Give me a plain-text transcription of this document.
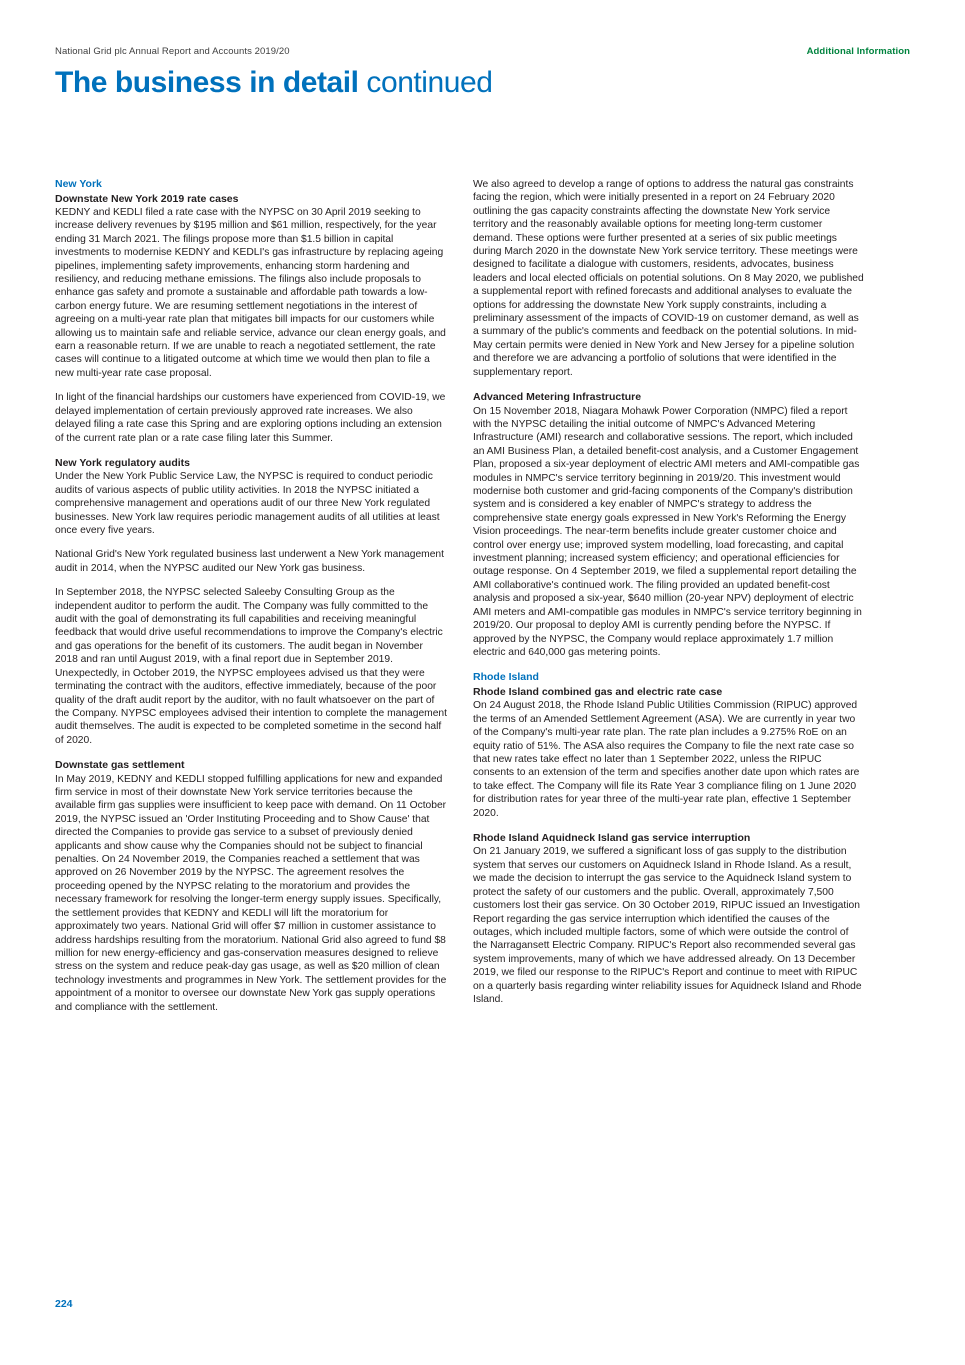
National Grid plc Annual Report and Accounts 2019/20	Additional Information
The business in detail continued
New York
Downstate New York 2019 rate cases

KEDNY and KEDLI filed a rate case with the NYPSC on 30 April 2019 seeking to increase delivery revenues by $195 million and $61 million, respectively, for the year ending 31 March 2021. The filings propose more than $1.5 billion in capital investments to modernise KEDNY and KEDLI's gas infrastructure by replacing ageing pipelines, implementing safety improvements, enhancing storm hardening and resiliency, and reducing methane emissions. The filings also include proposals to enhance gas safety and promote a sustainable and affordable path towards a low-carbon energy future. We are resuming settlement negotiations in the interest of agreeing on a multi-year rate plan that mitigates bill impacts for our customers while allowing us to maintain safe and reliable service, advance our clean energy goals, and earn a reasonable return. If we are unable to reach a negotiated settlement, the rate cases will continue to a litigated outcome at which time we would then plan to file a new multi-year rate case proposal.

In light of the financial hardships our customers have experienced from COVID-19, we delayed implementation of certain previously approved rate increases. We also delayed filing a rate case this Spring and are exploring options including an extension of the current rate plan or a rate case filing later this Summer.

New York regulatory audits

Under the New York Public Service Law, the NYPSC is required to conduct periodic audits of various aspects of public utility activities. In 2018 the NYPSC initiated a comprehensive management and operations audit of our three New York regulated businesses. New York law requires periodic management audits of all utilities at least once every five years.

National Grid's New York regulated business last underwent a New York management audit in 2014, when the NYPSC audited our New York gas business.

In September 2018, the NYPSC selected Saleeby Consulting Group as the independent auditor to perform the audit. The Company was fully committed to the audit with the goal of demonstrating its full capabilities and receiving meaningful feedback that would drive useful recommendations to improve the Company's electric and gas operations for the benefit of its customers. The audit began in November 2018 and ran until August 2019, with a final report due in September 2019. Unexpectedly, in October 2019, the NYPSC employees advised us that they were terminating the contract with the auditors, effective immediately, because of the poor quality of the draft audit report by the auditor, with no fault whatsoever on the part of the Company. NYPSC employees advised their intention to complete the management audit themselves. The audit is expected to be completed sometime in the second half of 2020.

Downstate gas settlement

In May 2019, KEDNY and KEDLI stopped fulfilling applications for new and expanded firm service in most of their downstate New York service territories because the available firm gas supplies were insufficient to keep pace with demand. On 11 October 2019, the NYPSC issued an 'Order Instituting Proceeding and to Show Cause' that directed the Companies to provide gas service to a subset of previously denied applicants and show cause why the Companies should not be subject to financial penalties. On 24 November 2019, the Companies reached a settlement that was approved on 26 November 2019 by the NYPSC. The agreement resolves the proceeding opened by the NYPSC relating to the moratorium and provides the necessary framework for resolving the longer-term energy supply issues. Specifically, the settlement provides that KEDNY and KEDLI will lift the moratorium for approximately two years. National Grid will offer $7 million in customer assistance to address hardships resulting from the moratorium. National Grid also agreed to fund $8 million for new energy-efficiency and gas-conservation measures designed to relieve stress on the system and reduce peak-day gas usage, as well as $20 million of clean technology investments and programmes in New York. The settlement provides for the appointment of a monitor to oversee our downstate New York gas supply operations and compliance with the settlement.

We also agreed to develop a range of options to address the natural gas constraints facing the region, which were initially presented in a report on 24 February 2020 outlining the gas capacity constraints affecting the downstate New York service territory and the reasonably available options for meeting long-term customer demand. These options were further presented at a series of six public meetings during March 2020 in the downstate New York service territory. These meetings were designed to facilitate a dialogue with customers, residents, advocates, business leaders and local elected officials on potential solutions. On 8 May 2020, we published a supplemental report with refined forecasts and additional analyses to evaluate the options for addressing the downstate New York supply constraints, including a preliminary assessment of the impacts of COVID-19 on customer demand, as well as a summary of the public's comments and feedback on the potential solutions. In mid-May certain permits were denied in New York and New Jersey for a pipeline solution and therefore we are advancing a portfolio of solutions that were identified in the supplementary report.

Advanced Metering Infrastructure

On 15 November 2018, Niagara Mohawk Power Corporation (NMPC) filed a report with the NYPSC detailing the initial outcome of NMPC's Advanced Metering Infrastructure (AMI) research and collaborative sessions. The report, which included an AMI Business Plan, a detailed benefit-cost analysis, and a Customer Engagement Plan, proposed a six-year deployment of electric AMI meters and AMI-compatible gas modules in NMPC's service territory beginning in 2019/20. This investment would modernise both customer and grid-facing components of the Company's distribution system and is considered a key enabler of NMPC's strategy to address the comprehensive state energy goals expressed in New York's Reforming the Energy Vision proceedings. The near-term benefits include greater customer choice and control over energy use; improved system modelling, load forecasting, and capital investment planning; increased system efficiency; and operational efficiencies for outage response. On 4 September 2019, we filed a supplemental report detailing the AMI collaborative's continued work. The filing provided an updated benefit-cost analysis and proposed a six-year, $640 million (20-year NPV) deployment of electric AMI meters and AMI-compatible gas modules in NMPC's service territory beginning in 2019/20. Our proposal to deploy AMI is currently pending before the NYPSC. If approved by the NYPSC, the Company would replace approximately 1.7 million electric and 640,000 gas metering points.

Rhode Island
Rhode Island combined gas and electric rate case

On 24 August 2018, the Rhode Island Public Utilities Commission (RIPUC) approved the terms of an Amended Settlement Agreement (ASA). We are currently in year two of the Company's multi-year rate plan. The rate plan includes a 9.275% RoE on an equity ratio of 51%. The ASA also requires the Company to file the next rate case so that new rates take effect no later than 1 September 2022, unless the RIPUC consents to an extension of the term and specifies another date upon which rates are to take effect. The Company will file its Rate Year 3 compliance filing on 1 June 2020 for distribution rates for year three of the multi-year rate plan, effective 1 September 2020.

Rhode Island Aquidneck Island gas service interruption

On 21 January 2019, we suffered a significant loss of gas supply to the distribution system that serves our customers on Aquidneck Island in Rhode Island. As a result, we made the decision to interrupt the gas service to the Aquidneck Island system to protect the safety of our customers and the public. Overall, approximately 7,500 customers lost their gas service. On 30 October 2019, RIPUC issued an Investigation Report regarding the gas service interruption which identified the causes of the outages, which included multiple factors, some of which were outside the control of the Narragansett Electric Company. RIPUC's Report also recommended several gas system improvements, many of which we have addressed already. On 13 December 2019, we filed our response to the RIPUC's Report and continue to meet with RIPUC on a quarterly basis regarding winter reliability issues for Aquidneck Island and Rhode Island.

224
